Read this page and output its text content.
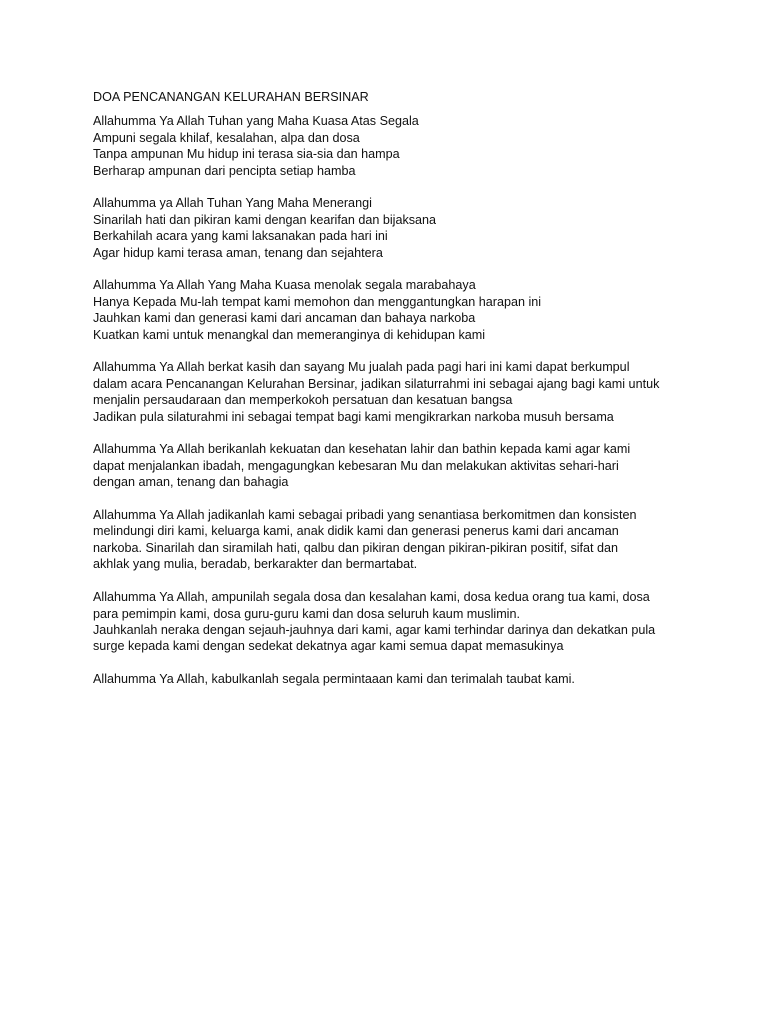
DOA PENCANANGAN KELURAHAN BERSINAR
Allahumma Ya Allah Tuhan yang Maha Kuasa Atas Segala
Ampuni segala khilaf, kesalahan, alpa dan dosa
Tanpa ampunan Mu hidup ini terasa sia-sia dan hampa
Berharap ampunan dari pencipta setiap hamba
Allahumma ya Allah Tuhan Yang Maha Menerangi
Sinarilah hati dan pikiran kami dengan kearifan dan bijaksana
Berkahilah acara yang kami laksanakan pada hari ini
Agar hidup kami terasa aman, tenang dan sejahtera
Allahumma Ya Allah Yang Maha Kuasa menolak segala marabahaya
Hanya Kepada Mu-lah tempat kami memohon dan menggantungkan harapan ini
Jauhkan kami dan generasi kami dari ancaman dan bahaya narkoba
Kuatkan kami untuk menangkal dan memeranginya di kehidupan kami
Allahumma Ya Allah berkat kasih dan sayang Mu jualah pada pagi hari ini kami dapat berkumpul
dalam acara Pencanangan Kelurahan Bersinar, jadikan silaturrahmi ini sebagai ajang bagi kami untuk
menjalin persaudaraan dan memperkokoh persatuan dan kesatuan bangsa
Jadikan pula silaturahmi ini sebagai tempat bagi kami mengikrarkan narkoba musuh bersama
Allahumma Ya Allah berikanlah kekuatan dan kesehatan lahir dan bathin kepada kami agar kami
dapat menjalankan ibadah, mengagungkan kebesaran Mu dan melakukan aktivitas sehari-hari
dengan aman, tenang dan bahagia
Allahumma Ya Allah jadikanlah kami sebagai pribadi yang senantiasa berkomitmen dan konsisten
melindungi diri kami, keluarga kami, anak didik kami dan generasi penerus kami dari ancaman
narkoba. Sinarilah dan siramilah hati, qalbu dan pikiran dengan pikiran-pikiran positif, sifat dan
akhlak yang mulia, beradab, berkarakter dan bermartabat.
Allahumma Ya Allah, ampunilah segala dosa dan kesalahan kami, dosa kedua orang tua kami, dosa
para pemimpin kami, dosa guru-guru kami dan dosa seluruh kaum muslimin.
Jauhkanlah neraka dengan sejauh-jauhnya dari kami, agar kami terhindar darinya dan dekatkan pula
surge kepada kami dengan sedekat dekatnya agar kami semua dapat memasukinya
Allahumma Ya Allah, kabulkanlah segala permintaaan kami dan terimalah taubat kami.
